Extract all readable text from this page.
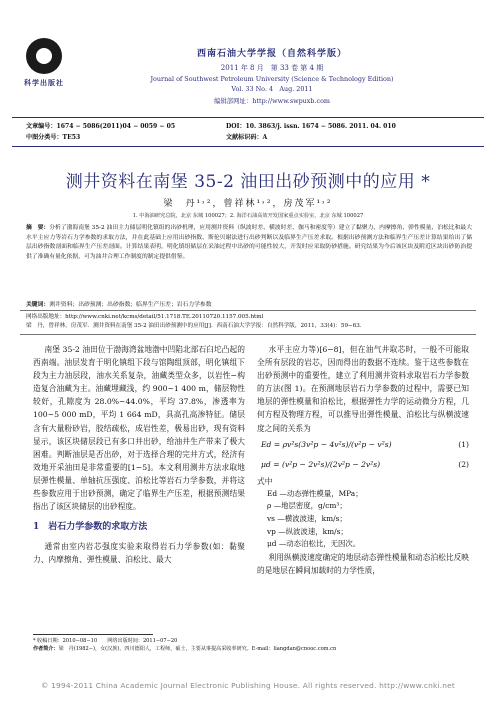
科学出版社
西南石油大学学报（自然科学版）
2011 年 8 月　第 33 卷 第 4 期
Journal of Southwest Petroleum University (Science & Technology Edition)
Vol. 33 No. 4　Aug. 2011
编辑部网址：http://www.swpuxb.com
文章编号：1674 − 5086(2011)04 − 0059 − 05	DOI：10. 3863/j. issn. 1674 − 5086. 2011. 04. 010
中图分类号：TE53	文献标识码：A
测井资料在南堡 35-2 油田出砂预测中的应用 *
梁　丹¹˒²，曾祥林¹˒²，房茂军¹˒²
1. 中海油研究总院，北京 东城 100027；2. 海洋石油高效开发国家重点实验室，北京 东城 100027
摘　要：分析了渤海南堡 35-2 油田主力储层明化镇组的出砂机理，应用测井资料（纵波时差、横波时差、伽马和密度等）建立了黏聚力、内摩擦角、弹性模量、泊松比和最大水平主应力等岩石力学参数的求取方法，并在此基础上应用出砂指数、斯伦贝谢法进行出砂判断以及临界生产压差求取。根据出砂预测方法和临界生产压差计算结果给出了储层出砂指数剖面和临界生产压差剖面。计算结果表明，明化镇组储层在采油过程中出砂的可能性较大，开发时应采取防砂措施。研究结果为今后该区块及附近区块出砂防治提供了准确有量化依据，可为油井合理工作制度的制定提供借鉴。
关键词：测井资料；出砂预测；出砂指数；临界生产压差；岩石力学参数
网络出版地址：http://www.cnki.net/kcms/detail/51.1718.TE.20110720.1157.005.html
梁　丹，曾祥林，房茂军．测井资料在南堡 35-2 油田出砂预测中的应用[J]．西南石油大学学报：自然科学版，2011，33(4)：59−63．

南堡 35-2 油田位于渤海湾盆地渤中凹陷北部石臼坨凸起的西南端。油层发育于明化镇组下段与馆陶组顶部，明化镇组下段为主力油层段，油水关系复杂，油藏类型众多，以岩性−构造复合油藏为主。油藏埋藏浅，约 900~1 400 m，储层物性较好，孔隙度为 28.0%~44.0%，平均 37.8%，渗透率为 100~5 000 mD，平均 1 664 mD，具高孔高渗特征。储层含有大量粉砂岩，胶结疏松，成岩性差，极易出砂，现有资料显示，该区块储层段已有多口井出砂，给油井生产带来了极大困难。判断油层是否出砂，对于选择合理的完井方式，经济有效地开采油田是非常重要的[1−5]。本文利用测井方法求取地层弹性模量、单轴抗压强度、泊松比等岩石力学参数，并将这些参数应用于出砂预测，确定了临界生产压差，根据预测结果指出了该区块储层的出砂程度。

1　岩石力学参数的求取方法

通常由室内岩芯强度实验来取得岩石力学参数(如：黏聚力、内摩擦角、弹性模量、泊松比、最大

水平主应力等)[6−8]，但在油气井取芯时，一般不可能取全所有层段的岩芯，因而得出的数据不连续。鉴于这些参数在出砂预测中的重要性，建立了利用测井资料求取岩石力学参数的方法(图 1)。在预测地层岩石力学参数的过程中，需要已知地层的弹性模量和泊松比，根据弹性力学的运动微分方程，几何方程及物理方程，可以推导出弹性模量、泊松比与纵横波速度之间的关系为

Ed = ρv²s(3v²p − 4v²s)/(v²p − v²s)	(1)
μd = (v²p − 2v²s)/(2v²p − 2v²s)	(2)
式中
Ed —动态弹性模量，MPa；
ρ —地层密度，g/cm³；
vs —横波波速，km/s；
vp —纵波波速，km/s；
μd —动态泊松比，无因次。

利用纵横波速度确定的地层动态弹性模量和动态泊松比反映的是地层在瞬间加载时的力学性质，

* 收稿日期：2010−08−10　　网络出版时间：2011−07−20
作者简介：梁　丹(1982−)，女(汉族)，四川德阳人，工程师，硕士，主要从事提高采收率研究。E-mail：liangdan@cnooc.com.cn
© 1994-2011 China Academic Journal Electronic Publishing House. All rights reserved. http://www.cnki.net
